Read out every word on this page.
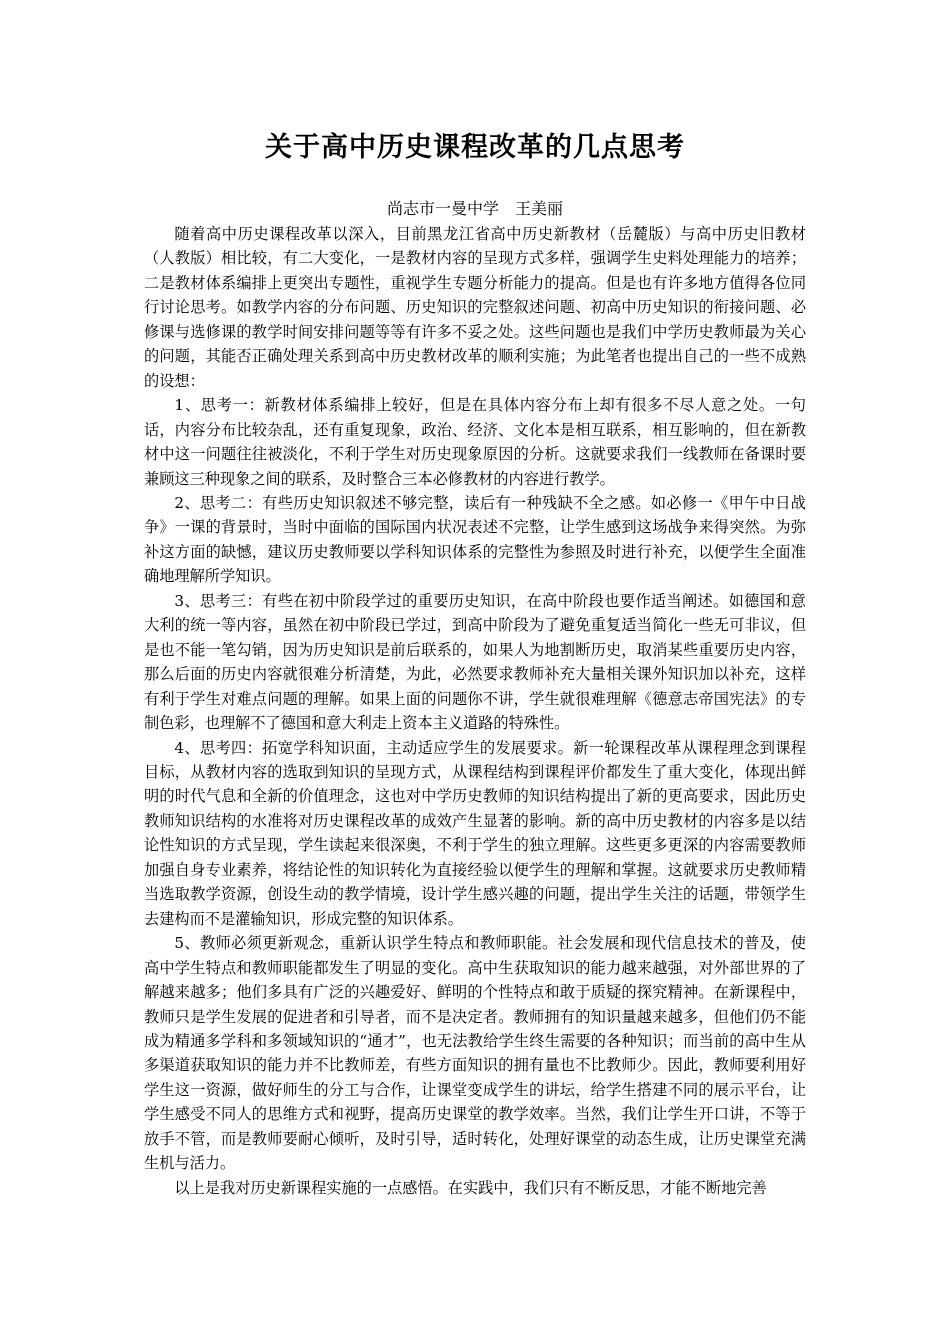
关于高中历史课程改革的几点思考
尚志市一曼中学 王美丽

随着高中历史课程改革以深入，目前黑龙江省高中历史新教材（岳麓版）与高中历史旧教材（人教版）相比较，有二大变化，一是教材内容的呈现方式多样，强调学生史料处理能力的培养；二是教材体系编排上更突出专题性，重视学生专题分析能力的提高。但是也有许多地方值得各位同行讨论思考。如教学内容的分布问题、历史知识的完整叙述问题、初高中历史知识的衔接问题、必修课与选修课的教学时间安排问题等等有许多不妥之处。这些问题也是我们中学历史教师最为关心的问题，其能否正确处理关系到高中历史教材改革的顺利实施；为此笔者也提出自己的一些不成熟的设想：

1、思考一：新教材体系编排上较好，但是在具体内容分布上却有很多不尽人意之处。一句话，内容分布比较杂乱，还有重复现象，政治、经济、文化本是相互联系，相互影响的，但在新教材中这一问题往往被淡化，不利于学生对历史现象原因的分析。这就要求我们一线教师在备课时要兼顾这三种现象之间的联系，及时整合三本必修教材的内容进行教学。

2、思考二：有些历史知识叙述不够完整，读后有一种残缺不全之感。如必修一《甲午中日战争》一课的背景时，当时中面临的国际国内状况表述不完整，让学生感到这场战争来得突然。为弥补这方面的缺憾，建议历史教师要以学科知识体系的完整性为参照及时进行补充，以便学生全面准确地理解所学知识。

3、思考三：有些在初中阶段学过的重要历史知识，在高中阶段也要作适当阐述。如德国和意大利的统一等内容，虽然在初中阶段已学过，到高中阶段为了避免重复适当简化一些无可非议，但是也不能一笔勾销，因为历史知识是前后联系的，如果人为地割断历史，取消某些重要历史内容，那么后面的历史内容就很难分析清楚，为此，必然要求教师补充大量相关课外知识加以补充，这样有利于学生对难点问题的理解。如果上面的问题你不讲，学生就很难理解《德意志帝国宪法》的专制色彩，也理解不了德国和意大利走上资本主义道路的特殊性。

4、思考四：拓宽学科知识面，主动适应学生的发展要求。新一轮课程改革从课程理念到课程目标，从教材内容的选取到知识的呈现方式，从课程结构到课程评价都发生了重大变化，体现出鲜明的时代气息和全新的价值理念，这也对中学历史教师的知识结构提出了新的更高要求，因此历史教师知识结构的水准将对历史课程改革的成效产生显著的影响。新的高中历史教材的内容多是以结论性知识的方式呈现，学生读起来很深奥，不利于学生的独立理解。这些更多更深的内容需要教师加强自身专业素养，将结论性的知识转化为直接经验以便学生的理解和掌握。这就要求历史教师精当选取教学资源，创设生动的教学情境，设计学生感兴趣的问题，提出学生关注的话题，带领学生去建构而不是灌输知识，形成完整的知识体系。

5、教师必须更新观念，重新认识学生特点和教师职能。社会发展和现代信息技术的普及，使高中学生特点和教师职能都发生了明显的变化。高中生获取知识的能力越来越强，对外部世界的了解越来越多；他们多具有广泛的兴趣爱好、鲜明的个性特点和敢于质疑的探究精神。在新课程中，教师只是学生发展的促进者和引导者，而不是决定者。教师拥有的知识量越来越多，但他们仍不能成为精通多学科和多领域知识的“通才”，也无法教给学生终生需要的各种知识；而当前的高中生从多渠道获取知识的能力并不比教师差，有些方面知识的拥有量也不比教师少。因此，教师要利用好学生这一资源，做好师生的分工与合作，让课堂变成学生的讲坛，给学生搭建不同的展示平台，让学生感受不同人的思维方式和视野，提高历史课堂的教学效率。当然，我们让学生开口讲，不等于放手不管，而是教师要耐心倾听，及时引导，适时转化，处理好课堂的动态生成，让历史课堂充满生机与活力。

以上是我对历史新课程实施的一点感悟。在实践中，我们只有不断反思，才能不断地完善
